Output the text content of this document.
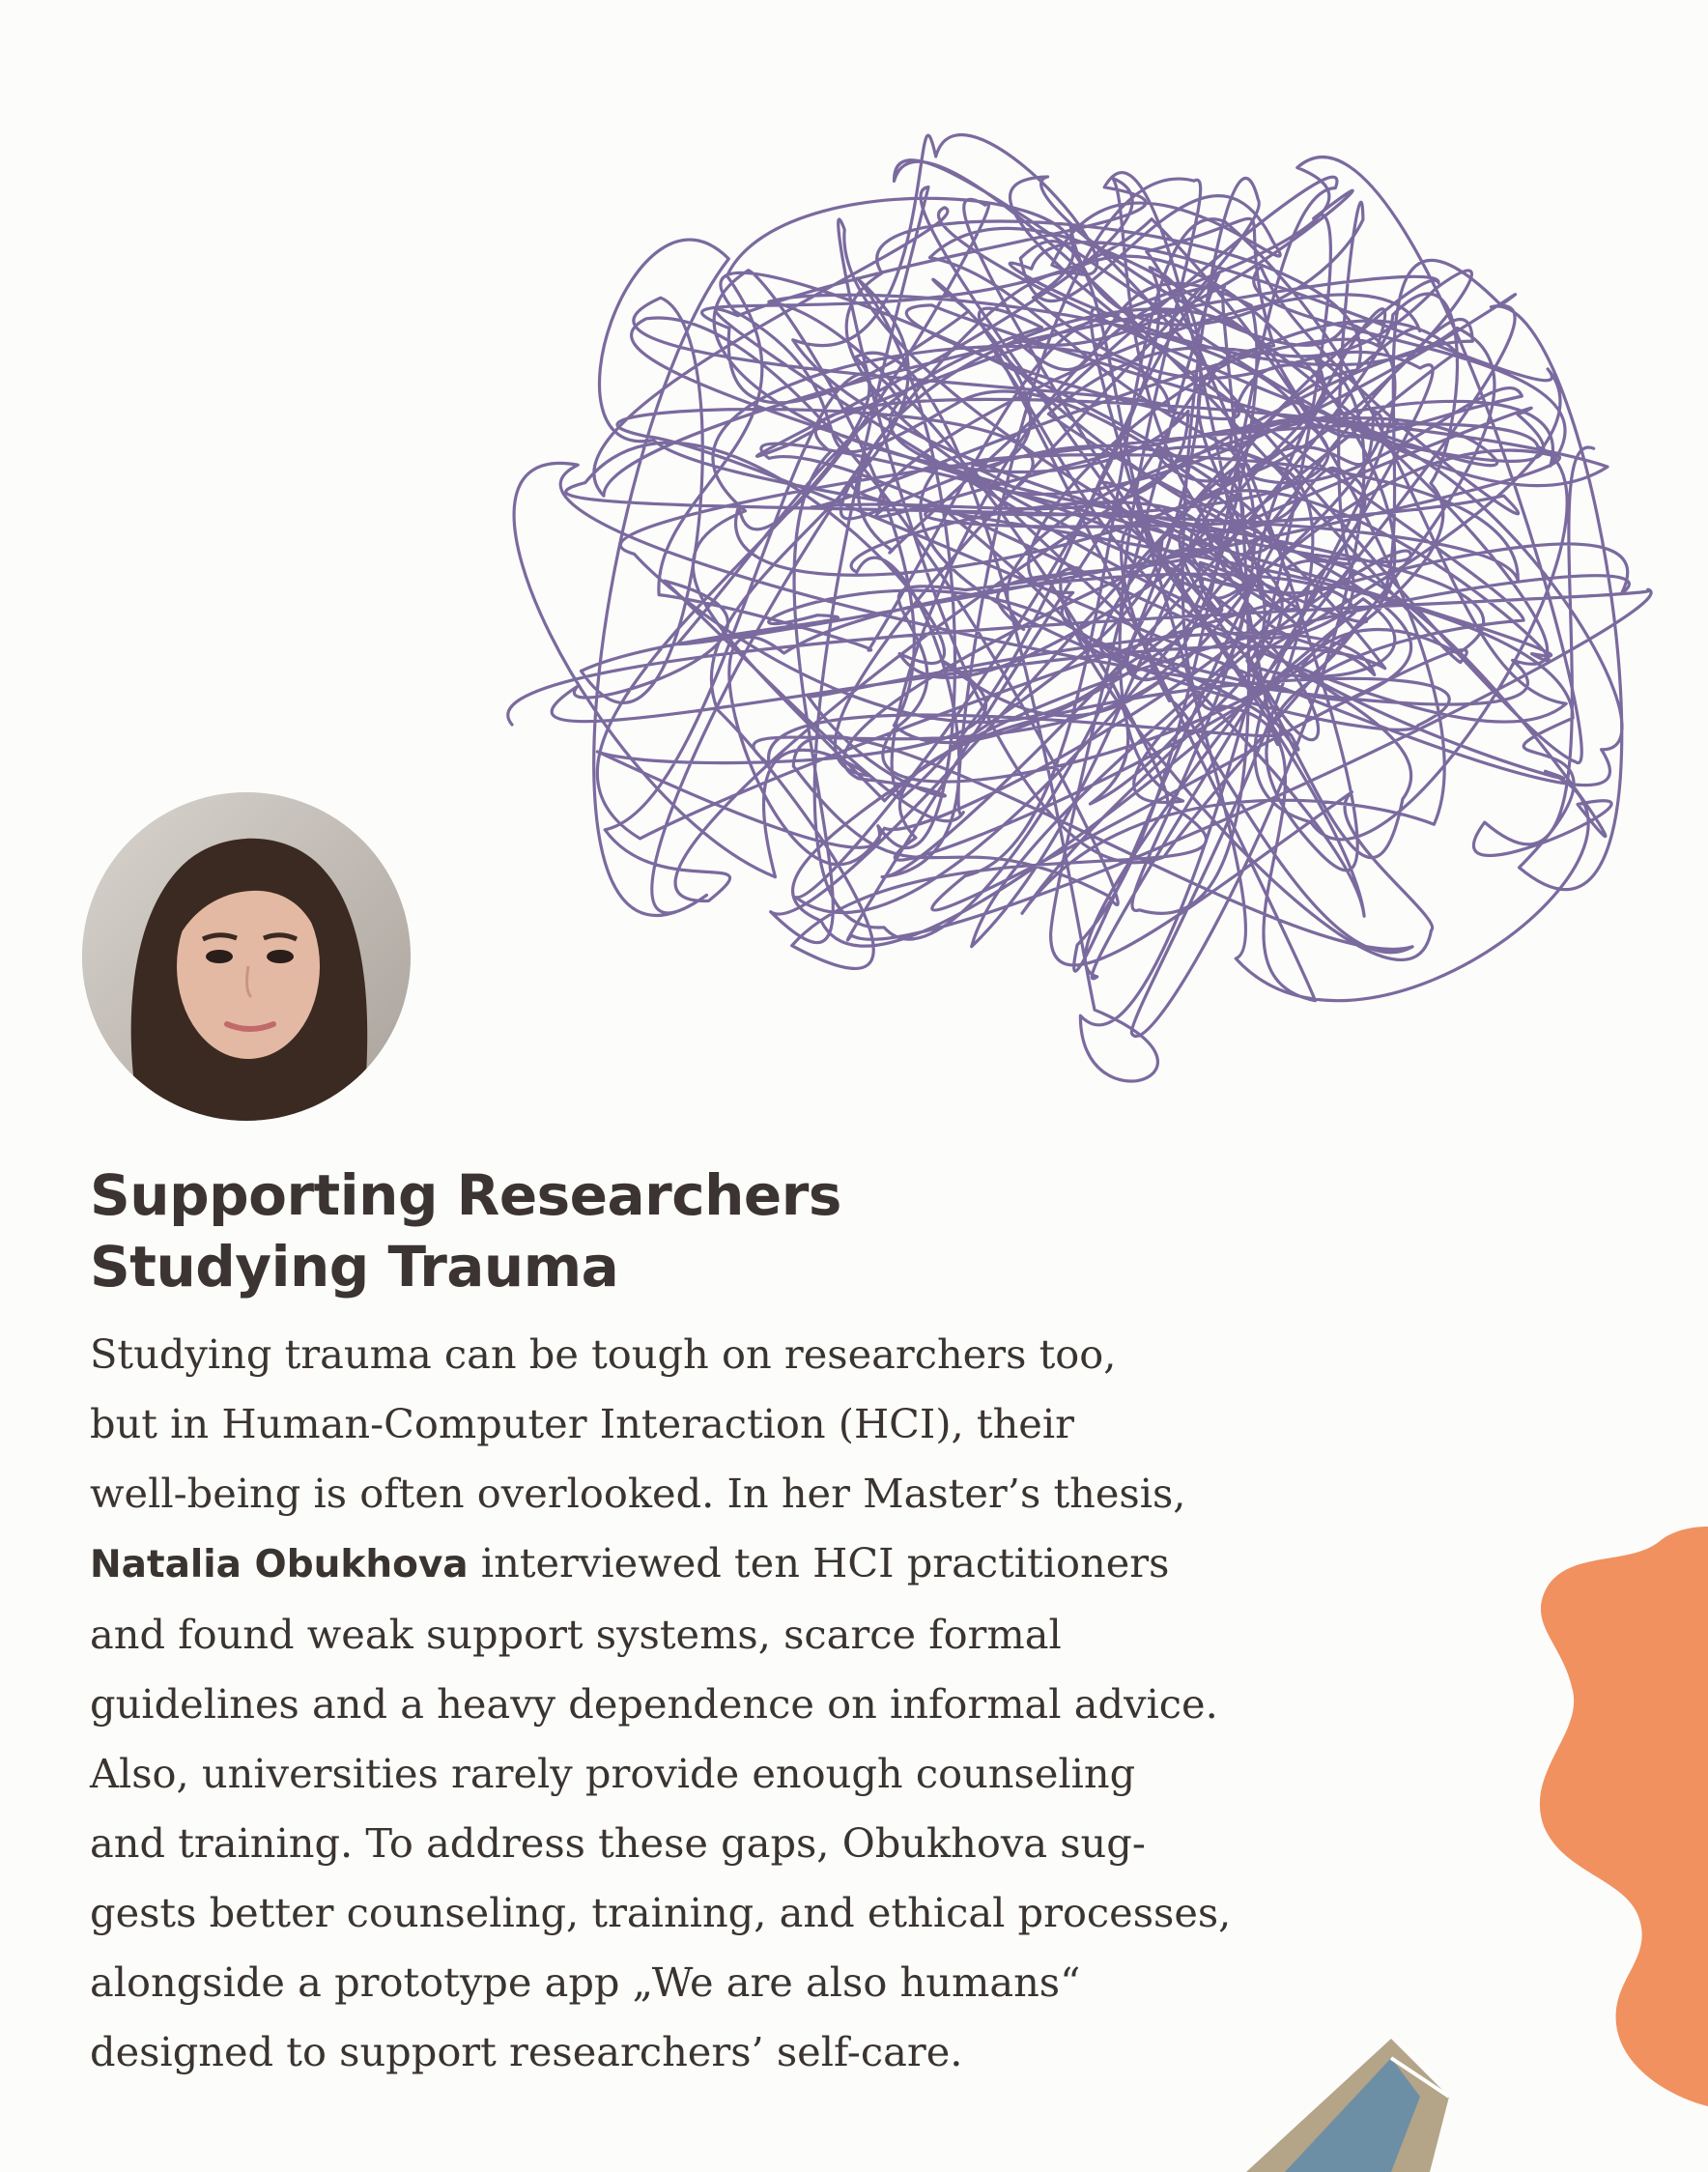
Supporting Researchers
Studying Trauma

Studying trauma can be tough on researchers too,
but in Human-Computer Interaction (HCI), their
well-being is often overlooked. In her Master’s thesis,
Natalia Obukhova interviewed ten HCI practitioners
and found weak support systems, scarce formal
guidelines and a heavy dependence on informal advice.
Also, universities rarely provide enough counseling
and training. To address these gaps, Obukhova sug-
gests better counseling, training, and ethical processes,
alongside a prototype app „We are also humans“
designed to support researchers’ self-care.
